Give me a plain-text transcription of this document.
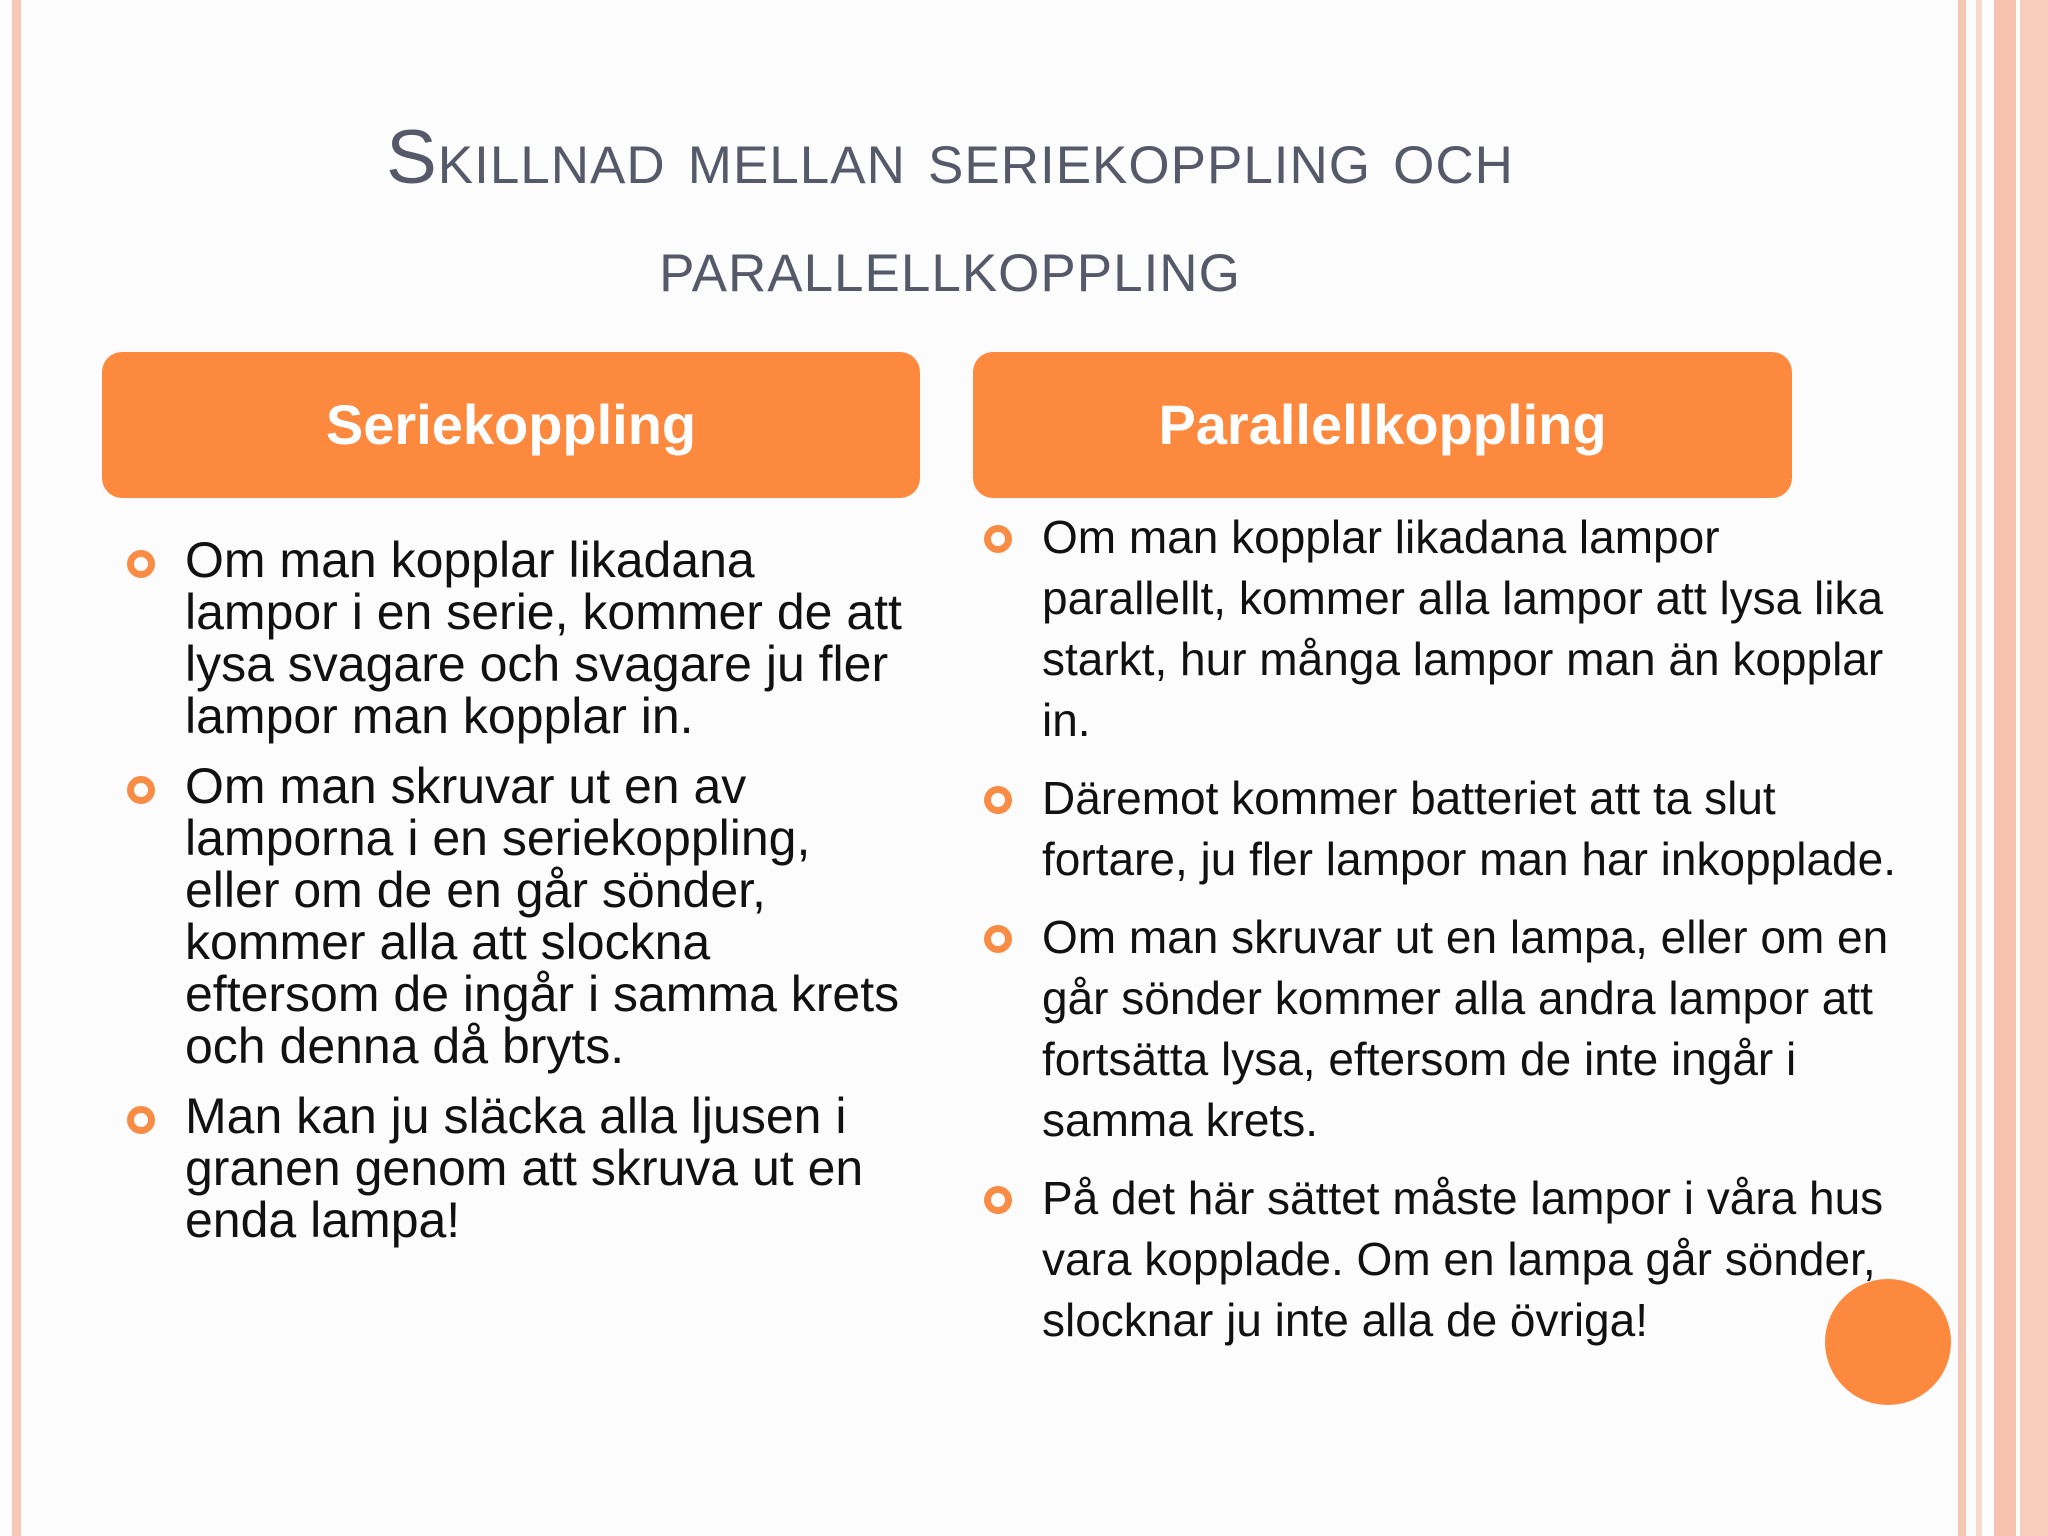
Skillnad mellan seriekoppling och
parallellkoppling
Seriekoppling	Parallellkoppling
Om man kopplar likadana lampor i en serie, kommer de att lysa svagare och svagare ju fler lampor man kopplar in.
Om man skruvar ut en av lamporna i en seriekoppling, eller om de en går sönder, kommer alla att slockna eftersom de ingår i samma krets och denna då bryts.
Man kan ju släcka alla ljusen i granen genom att skruva ut en enda lampa!
Om man kopplar likadana lampor parallellt, kommer alla lampor att lysa lika starkt, hur många lampor man än kopplar in.
Däremot kommer batteriet att ta slut fortare, ju fler lampor man har inkopplade.
Om man skruvar ut en lampa, eller om en går sönder kommer alla andra lampor att fortsätta lysa, eftersom de inte ingår i samma krets.
På det här sättet måste lampor i våra hus vara kopplade. Om en lampa går sönder, slocknar ju inte alla de övriga!
